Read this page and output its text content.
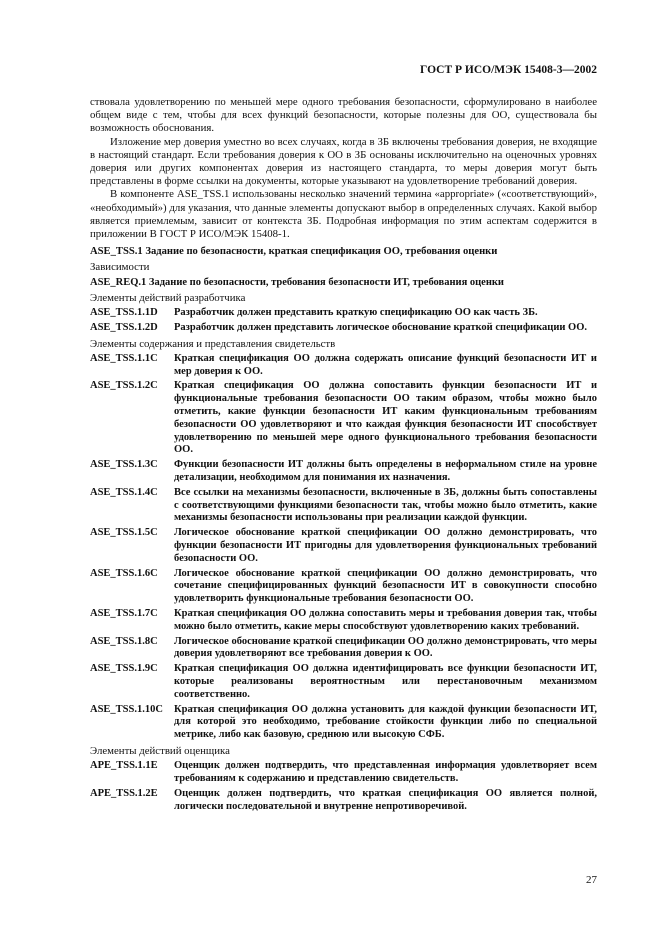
ГОСТ Р ИСО/МЭК 15408-3—2002

ствовала удовлетворению по меньшей мере одного требования безопасности, сформулировано в наиболее общем виде с тем, чтобы для всех функций безопасности, которые полезны для ОО, существовала бы возможность обоснования.

Изложение мер доверия уместно во всех случаях, когда в ЗБ включены требования доверия, не входящие в настоящий стандарт. Если требования доверия к ОО в ЗБ основаны исключительно на оценочных уровнях доверия или других компонентах доверия из настоящего стандарта, то меры доверия могут быть представлены в форме ссылки на документы, которые указывают на удовлетворение требований доверия.

В компоненте ASE_TSS.1 использованы несколько значений термина «appropriate» («соответствующий», «необходимый») для указания, что данные элементы допускают выбор в определенных случаях. Какой выбор является приемлемым, зависит от контекста ЗБ. Подробная информация по этим аспектам содержится в приложении В ГОСТ Р ИСО/МЭК 15408-1.

ASE_TSS.1 Задание по безопасности, краткая спецификация ОО, требования оценки
Зависимости
ASE_REQ.1 Задание по безопасности, требования безопасности ИТ, требования оценки
Элементы действий разработчика
ASE_TSS.1.1D	Разработчик должен представить краткую спецификацию ОО как часть ЗБ.
ASE_TSS.1.2D	Разработчик должен представить логическое обоснование краткой спецификации ОО.
Элементы содержания и представления свидетельств
ASE_TSS.1.1C	Краткая спецификация ОО должна содержать описание функций безопасности ИТ и мер доверия к ОО.
ASE_TSS.1.2C	Краткая спецификация ОО должна сопоставить функции безопасности ИТ и функциональные требования безопасности ОО таким образом, чтобы можно было отметить, какие функции безопасности ИТ каким функциональным требованиям безопасности ОО удовлетворяют и что каждая функция безопасности ИТ способствует удовлетворению по меньшей мере одного функционального требования безопасности ОО.
ASE_TSS.1.3C	Функции безопасности ИТ должны быть определены в неформальном стиле на уровне детализации, необходимом для понимания их назначения.
ASE_TSS.1.4C	Все ссылки на механизмы безопасности, включенные в ЗБ, должны быть сопоставлены с соответствующими функциями безопасности так, чтобы можно было отметить, какие механизмы безопасности использованы при реализации каждой функции.
ASE_TSS.1.5C	Логическое обоснование краткой спецификации ОО должно демонстрировать, что функции безопасности ИТ пригодны для удовлетворения функциональных требований безопасности ОО.
ASE_TSS.1.6C	Логическое обоснование краткой спецификации ОО должно демонстрировать, что сочетание специфицированных функций безопасности ИТ в совокупности способно удовлетворить функциональные требования безопасности ОО.
ASE_TSS.1.7C	Краткая спецификация ОО должна сопоставить меры и требования доверия так, чтобы можно было отметить, какие меры способствуют удовлетворению каких требований.
ASE_TSS.1.8C	Логическое обоснование краткой спецификации ОО должно демонстрировать, что меры доверия удовлетворяют все требования доверия к ОО.
ASE_TSS.1.9C	Краткая спецификация ОО должна идентифицировать все функции безопасности ИТ, которые реализованы вероятностным или перестановочным механизмом соответственно.
ASE_TSS.1.10C	Краткая спецификация ОО должна установить для каждой функции безопасности ИТ, для которой это необходимо, требование стойкости функции либо по специальной метрике, либо как базовую, среднюю или высокую СФБ.
Элементы действий оценщика
APE_TSS.1.1E	Оценщик должен подтвердить, что представленная информация удовлетворяет всем требованиям к содержанию и представлению свидетельств.
APE_TSS.1.2E	Оценщик должен подтвердить, что краткая спецификация ОО является полной, логически последовательной и внутренне непротиворечивой.
27
